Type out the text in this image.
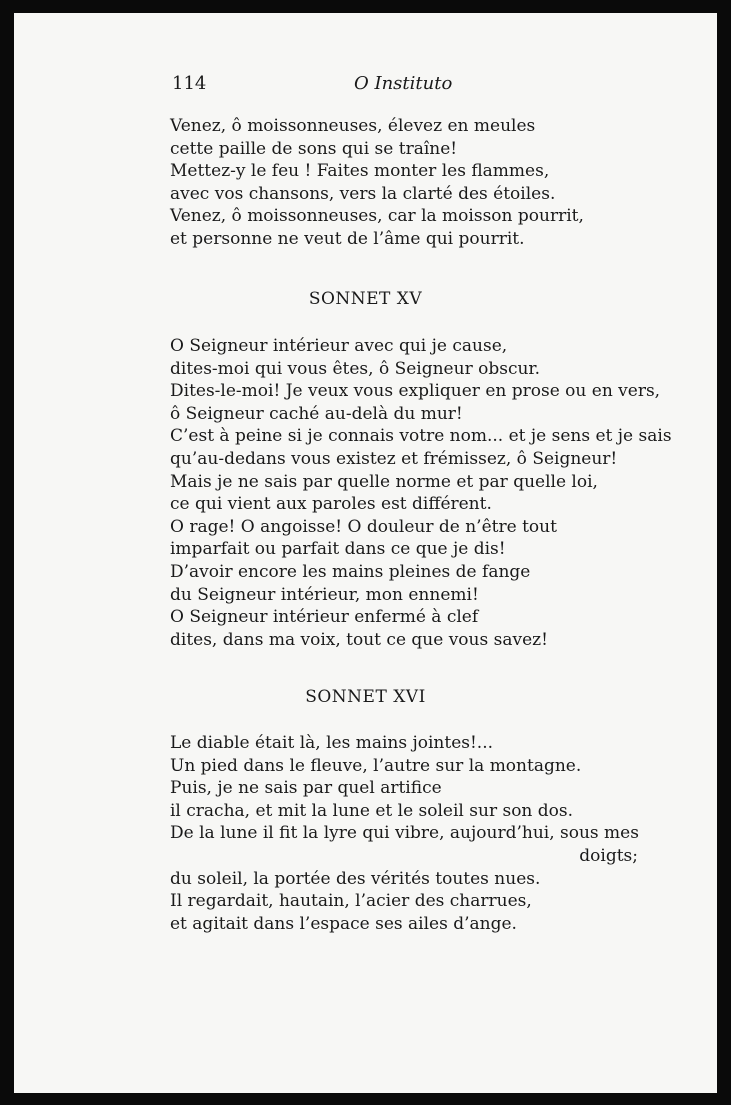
114	O Instituto

Venez, ô moissonneuses, élevez en meules

cette paille de sons qui se traîne!

Mettez-y le feu ! Faites monter les flammes,

avec vos chansons, vers la clarté des étoiles.

Venez, ô moissonneuses, car la moisson pourrit,

et personne ne veut de l’âme qui pourrit.

SONNET XV

O Seigneur intérieur avec qui je cause,

dites-moi qui vous êtes, ô Seigneur obscur.

Dites-le-moi! Je veux vous expliquer en prose ou en vers,

ô Seigneur caché au-delà du mur!

C’est à peine si je connais votre nom... et je sens et je sais

qu’au-dedans vous existez et frémissez, ô Seigneur!

Mais je ne sais par quelle norme et par quelle loi,

ce qui vient aux paroles est différent.

O rage! O angoisse! O douleur de n’être tout

imparfait ou parfait dans ce que je dis!

D’avoir encore les mains pleines de fange

du Seigneur intérieur, mon ennemi!

O Seigneur intérieur enfermé à clef

dites, dans ma voix, tout ce que vous savez!

SONNET XVI

Le diable était là, les mains jointes!...

Un pied dans le fleuve, l’autre sur la montagne.

Puis, je ne sais par quel artifice

il cracha, et mit la lune et le soleil sur son dos.

De la lune il fit la lyre qui vibre, aujourd’hui, sous mes

doigts;

du soleil, la portée des vérités toutes nues.

Il regardait, hautain, l’acier des charrues,

et agitait dans l’espace ses ailes d’ange.
